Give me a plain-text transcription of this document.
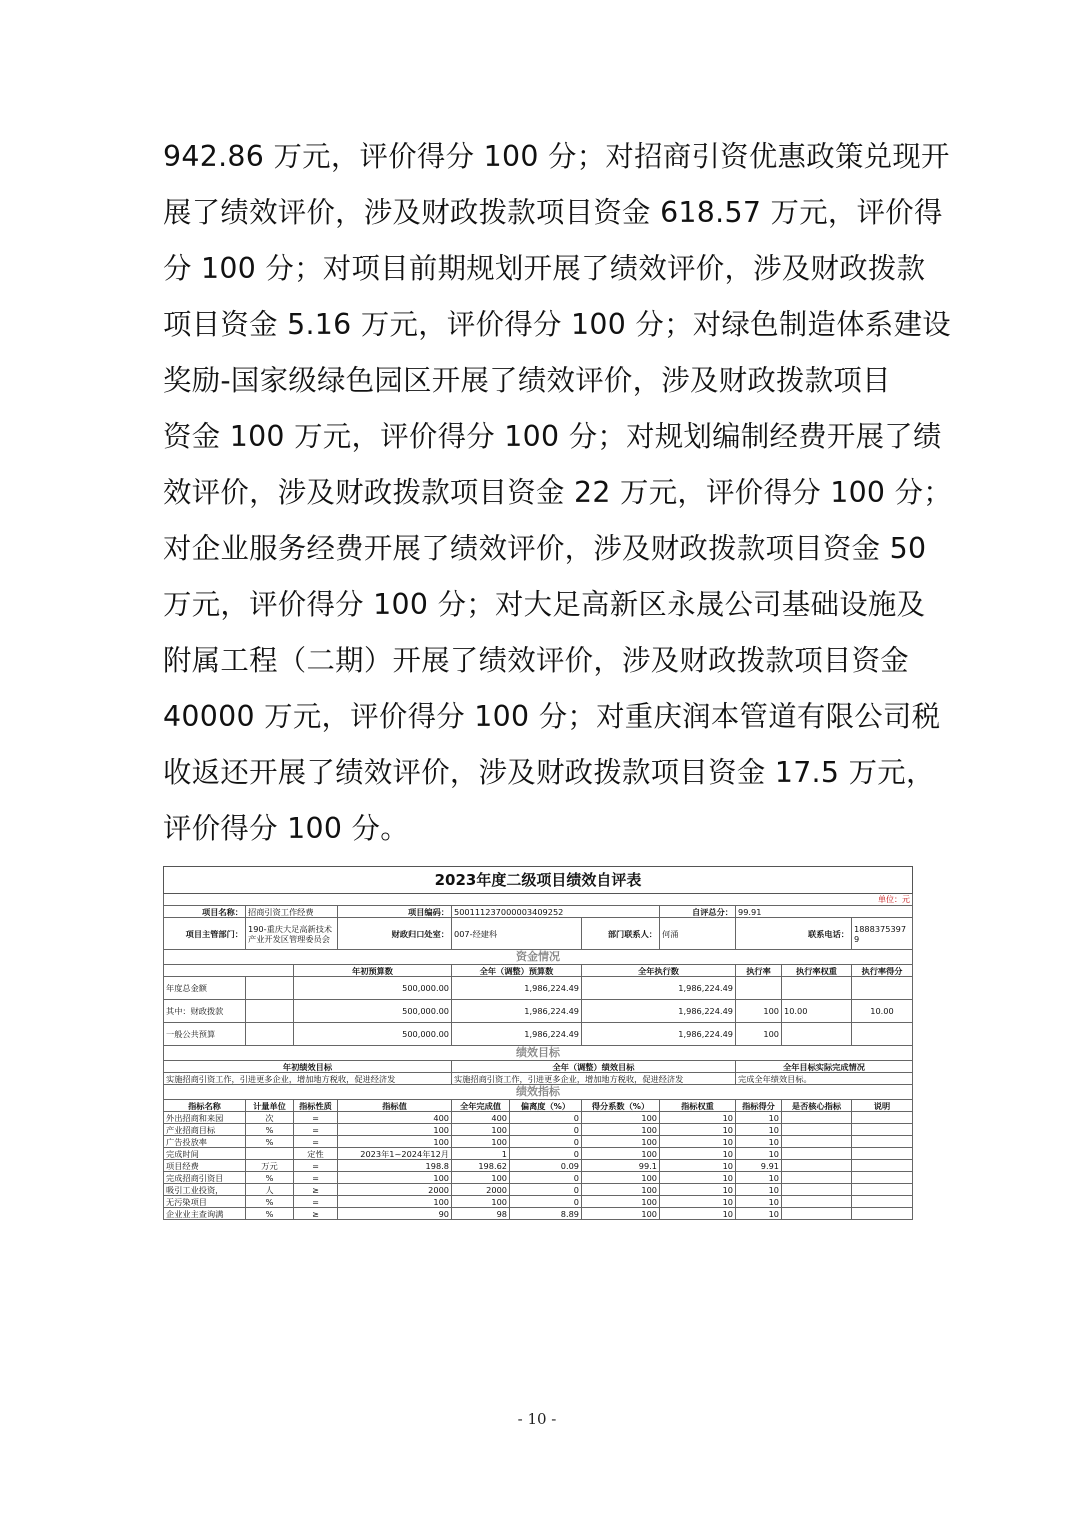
942.86 万元，评价得分 100 分；对招商引资优惠政策兑现开
展了绩效评价，涉及财政拨款项目资金 618.57 万元，评价得
分 100 分；对项目前期规划开展了绩效评价，涉及财政拨款
项目资金 5.16 万元，评价得分 100 分；对绿色制造体系建设
奖励-国家级绿色园区开展了绩效评价，涉及财政拨款项目
资金 100 万元，评价得分 100 分；对规划编制经费开展了绩
效评价，涉及财政拨款项目资金 22 万元，评价得分 100 分；
对企业服务经费开展了绩效评价，涉及财政拨款项目资金 50
万元，评价得分 100 分；对大足高新区永晟公司基础设施及
附属工程（二期）开展了绩效评价，涉及财政拨款项目资金
40000 万元，评价得分 100 分；对重庆润本管道有限公司税
收返还开展了绩效评价，涉及财政拨款项目资金 17.5 万元，
评价得分 100 分。
2023年度二级项目绩效自评表										
单位：元										
项目名称：	招商引资工作经费		项目编码：	500111237000003409252			自评总分：	99.91		
项目主管部门：	190-重庆大足高新技术产业开发区管理委员会		财政归口处室：	007-经建科		部门联系人：	何涌	联系电话：		18883753979
资金情况										
		年初预算数		全年（调整）预算数		全年执行数		执行率	执行率权重	执行率得分
年度总金额		500,000.00		1,986,224.49		1,986,224.49				
其中：财政拨款		500,000.00		1,986,224.49		1,986,224.49		100	10.00	10.00
一般公共预算		500,000.00		1,986,224.49		1,986,224.49		100		
绩效目标										
年初绩效目标				全年（调整）绩效目标				全年目标实际完成情况		
实施招商引资工作，引进更多企业，增加地方税收，促进经济发				实施招商引资工作，引进更多企业，增加地方税收，促进经济发				完成全年绩效目标。		
绩效指标										
指标名称	计量单位	指标性质	指标值	全年完成值	偏离度（%）	得分系数（%）	指标权重	指标得分	是否核心指标	说明
外出招商和来园	次	=	400	400	0	100	10	10		
产业招商目标	%	=	100	100	0	100	10	10		
广告投放率	%	=	100	100	0	100	10	10		
完成时间		定性	2023年1~2024年12月	1	0	100	10	10		
项目经费	万元	=	198.8	198.62	0.09	99.1	10	9.91		
完成招商引资目	%	=	100	100	0	100	10	10		
吸引工业投资，	人	≥	2000	2000	0	100	10	10		
无污染项目	%	=	100	100	0	100	10	10		
企业业主查询满	%	≥	90	98	8.89	100	10	10		
- 10 -
